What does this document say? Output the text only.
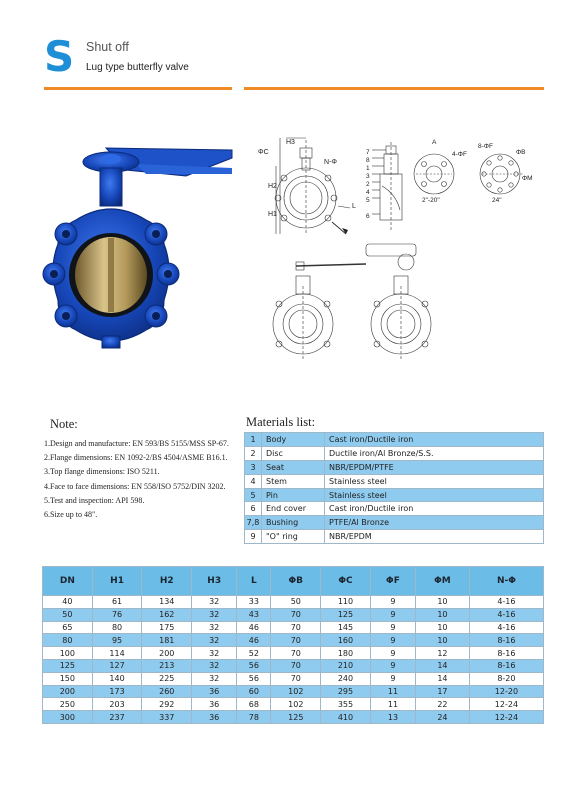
S Shut off
Lug type butterfly valve
ΦC
H3
H2
H1
N-Φ
L
7
8
1
3
2
4
5
6
A
4-ΦF
8-ΦF
ΦB
ΦM
2"-20"	24"
Note:
1.Design and manufacture: EN 593/BS 5155/MSS SP-67.
2.Flange dimensions: EN 1092-2/BS 4504/ASME B16.1.
3.Top flange dimensions: ISO 5211.
4.Face to face dimensions: EN 558/ISO 5752/DIN 3202.
5.Test and inspection: API 598.
6.Size up to 48".
Materials list:
1	Body	Cast iron/Ductile iron
2	Disc	Ductile iron/Al Bronze/S.S.
3	Seat	NBR/EPDM/PTFE
4	Stem	Stainless steel
5	Pin	Stainless steel
6	End cover	Cast iron/Ductile iron
7,8	Bushing	PTFE/Al Bronze
9	"O" ring	NBR/EPDM
DN	H1	H2	H3	L	ΦB	ΦC	ΦF	ΦM	N-Φ
40	61	134	32	33	50	110	9	10	4-16
50	76	162	32	43	70	125	9	10	4-16
65	80	175	32	46	70	145	9	10	4-16
80	95	181	32	46	70	160	9	10	8-16
100	114	200	32	52	70	180	9	12	8-16
125	127	213	32	56	70	210	9	14	8-16
150	140	225	32	56	70	240	9	14	8-20
200	173	260	36	60	102	295	11	17	12-20
250	203	292	36	68	102	355	11	22	12-24
300	237	337	36	78	125	410	13	24	12-24
